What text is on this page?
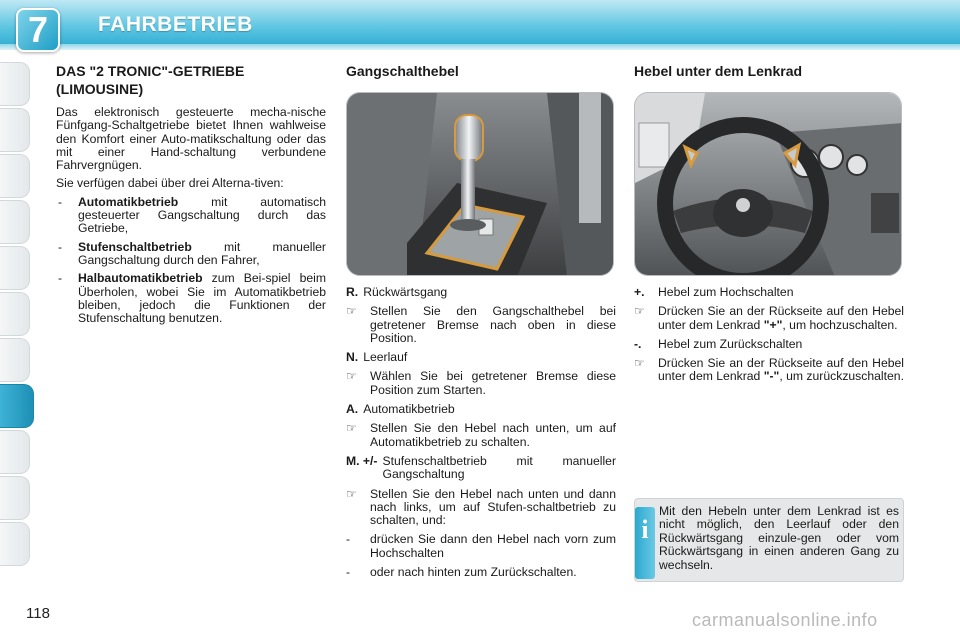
7	FAHRBETRIEB
DAS "2 TRONIC"-GETRIEBE (LIMOUSINE)

Das elektronisch gesteuerte mecha-nische Fünfgang-Schaltgetriebe bietet Ihnen wahlweise den Komfort einer Auto-matikschaltung oder das mit einer Hand-schaltung verbundene Fahrvergnügen.

Sie verfügen dabei über drei Alterna-tiven:

-	Automatikbetrieb mit automatisch gesteuerter Gangschaltung durch das Getriebe,
-	Stufenschaltbetrieb mit manueller Gangschaltung durch den Fahrer,
-	Halbautomatikbetrieb zum Bei-spiel beim Überholen, wobei Sie im Automatikbetrieb bleiben, jedoch die Funktionen der Stufenschaltung benutzen.
Gangschalthebel
R. Rückwärtsgang
☞	Stellen Sie den Gangschalthebel bei getretener Bremse nach oben in diese Position.
N. Leerlauf
☞	Wählen Sie bei getretener Bremse diese Position zum Starten.
A. Automatikbetrieb
☞	Stellen Sie den Hebel nach unten, um auf Automatikbetrieb zu schalten.
M. +/- Stufenschaltbetrieb mit manueller Gangschaltung
☞	Stellen Sie den Hebel nach unten und dann nach links, um auf Stufen-schaltbetrieb zu schalten, und:
-	drücken Sie dann den Hebel nach vorn zum Hochschalten
-	oder nach hinten zum Zurückschalten.
Hebel unter dem Lenkrad
+.	Hebel zum Hochschalten
☞	Drücken Sie an der Rückseite auf den Hebel unter dem Lenkrad "+", um hochzuschalten.
-.	Hebel zum Zurückschalten
☞	Drücken Sie an der Rückseite auf den Hebel unter dem Lenkrad "-", um zurückzuschalten.
i
Mit den Hebeln unter dem Lenkrad ist es nicht möglich, den Leerlauf oder den Rückwärtsgang einzule-gen oder vom Rückwärtsgang in einen anderen Gang zu wechseln.
118	carmanualsonline.info
